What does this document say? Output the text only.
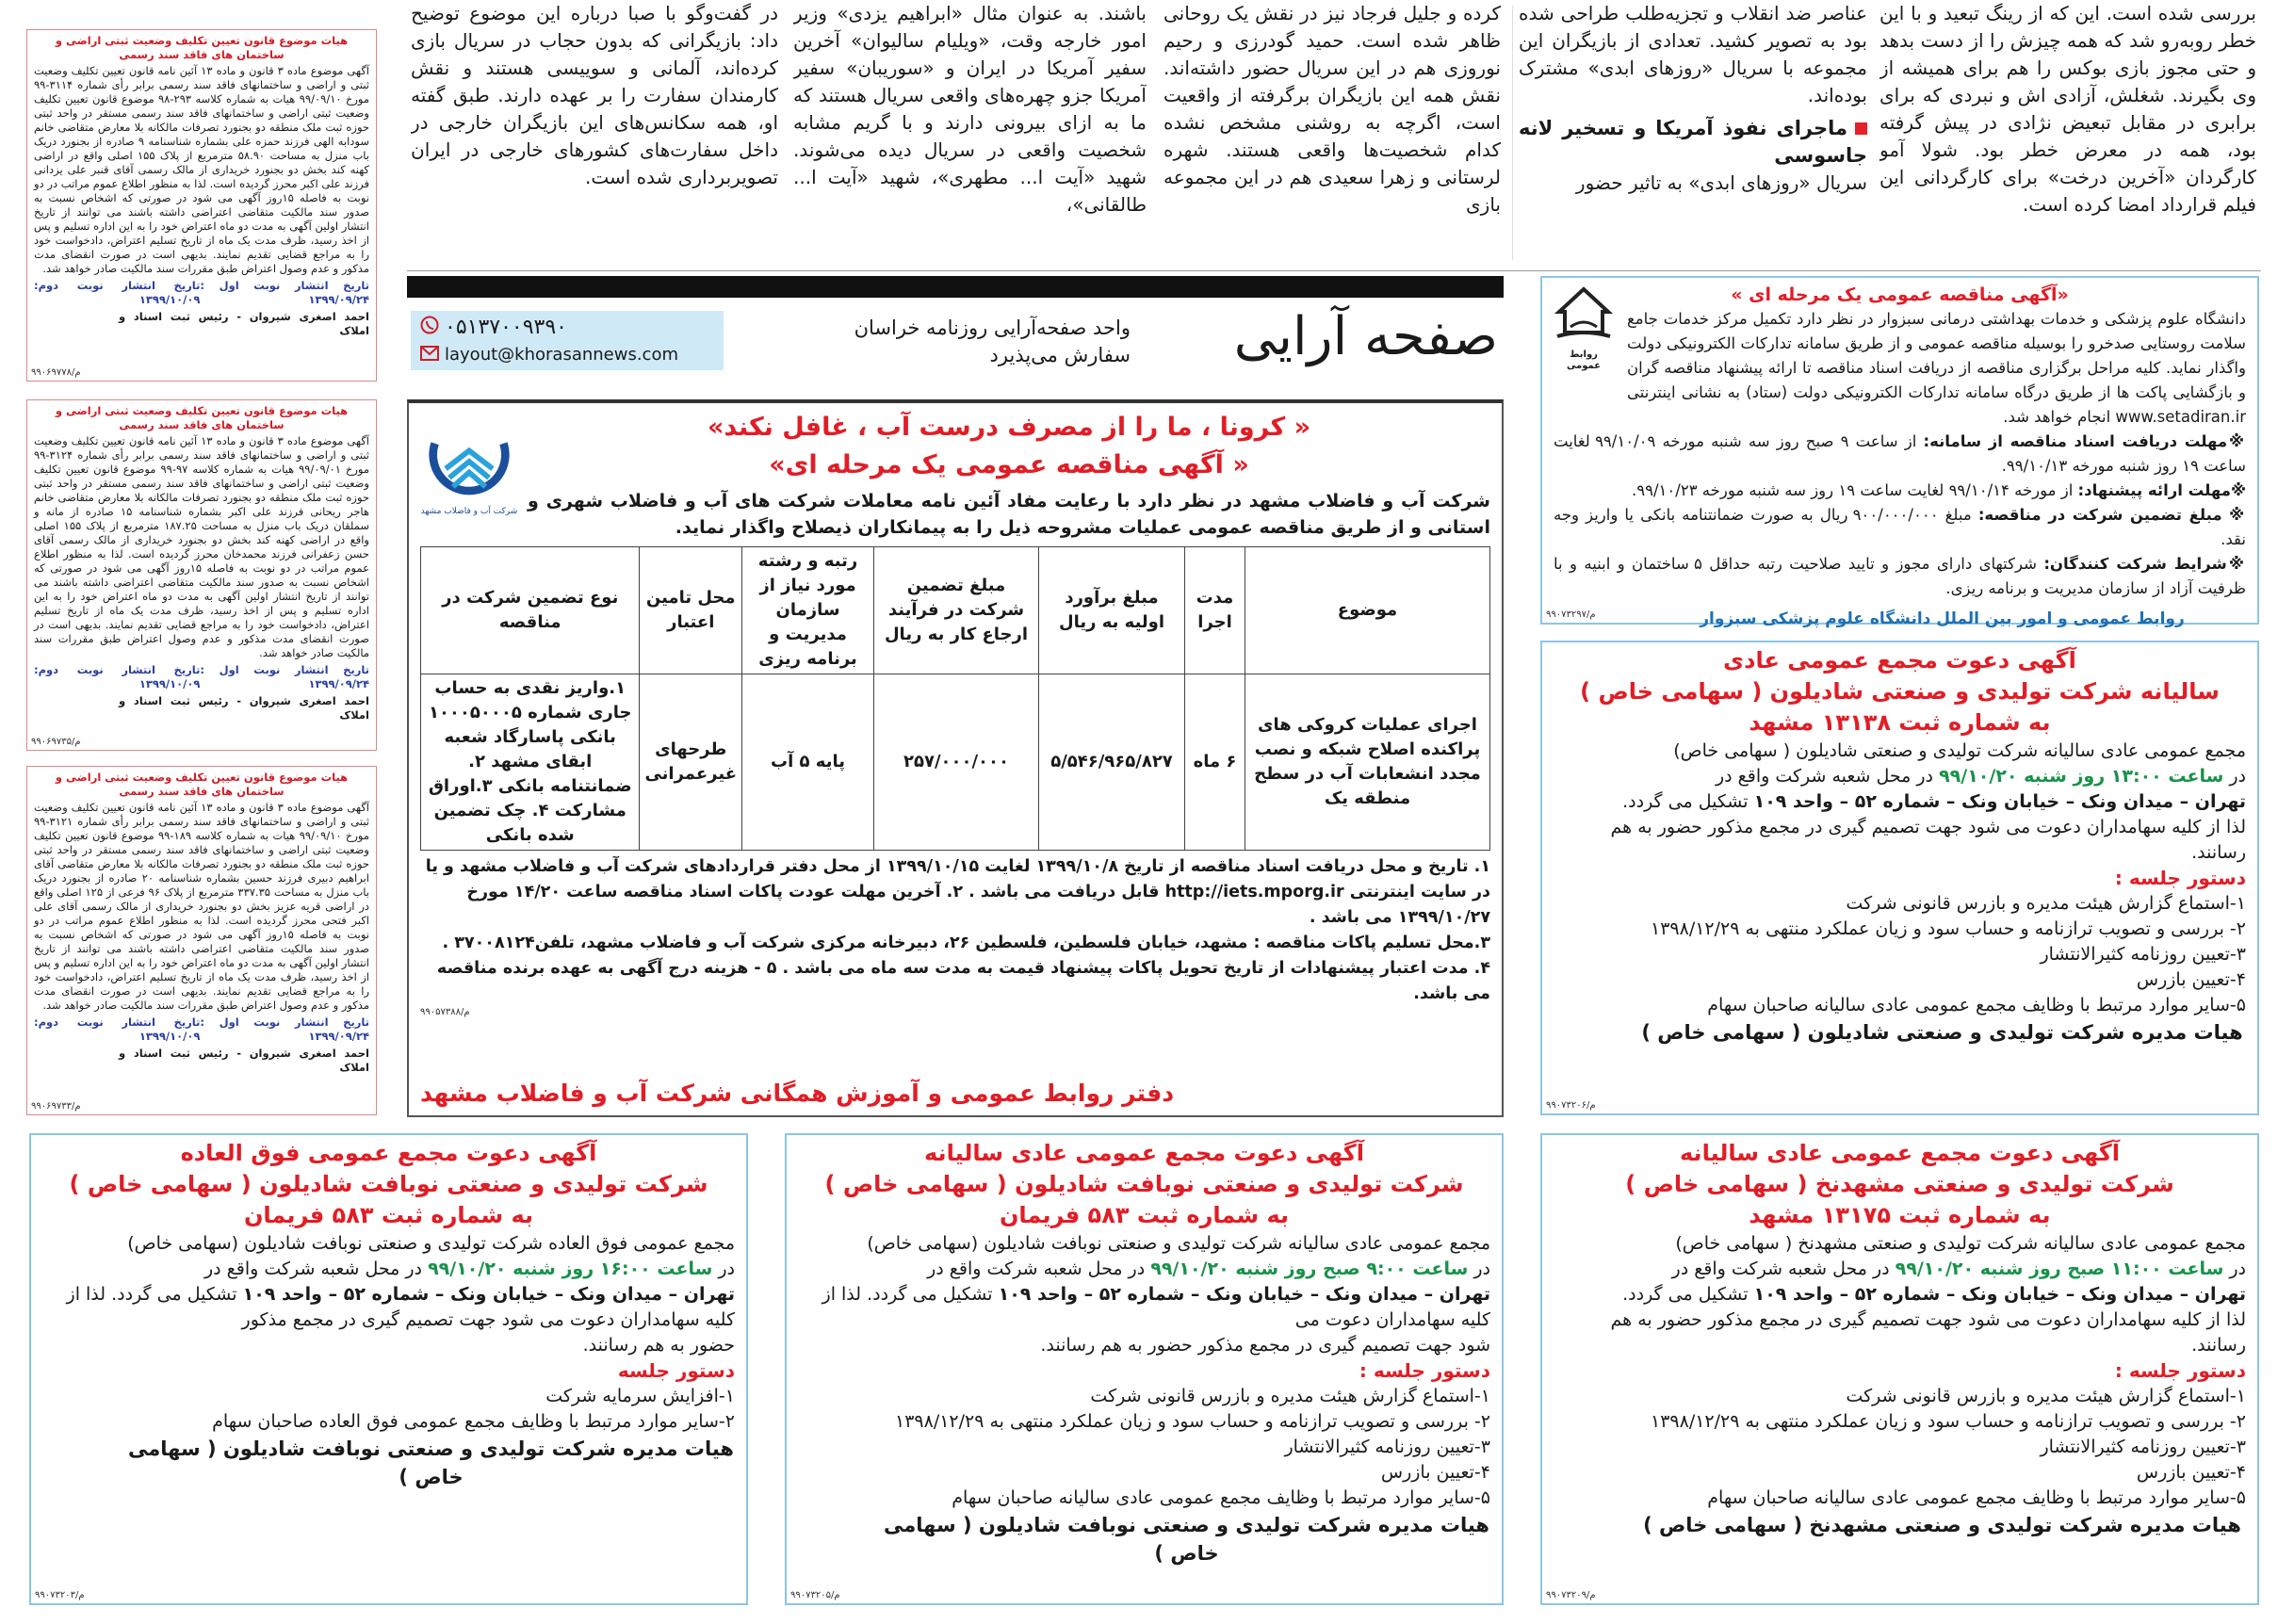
بررسی شده است. این که از رینگ تبعید و با این خطر روبه‌رو شد که همه چیزش را از دست بدهد و حتی مجوز بازی بوکس را هم برای همیشه از وی بگیرند. شغلش، آزادی اش و نبردی که برای برابری در مقابل تبعیض نژادی در پیش گرفته بود، همه در معرض خطر بود. شولا آمو کارگردان «آخرین درخت» برای کارگردانی این فیلم قرارداد امضا کرده است.

عناصر ضد انقلاب و تجزیه‌طلب طراحی شده بود به تصویر کشید. تعدادی از بازیگران این مجموعه با سریال «روزهای ابدی» مشترک بوده‌اند.

ماجرای نفوذ آمریکا و تسخیر لانه جاسوسی

سریال «روزهای ابدی» به تاثیر حضور

کرده و جلیل فرجاد نیز در نقش یک روحانی ظاهر شده است. حمید گودرزی و رحیم نوروزی هم در این سریال حضور داشته‌اند. نقش همه این بازیگران برگرفته از واقعیت است، اگرچه به روشنی مشخص نشده کدام شخصیت‌ها واقعی هستند. شهره لرستانی و زهرا سعیدی هم در این مجموعه بازی

باشند. به عنوان مثال «ابراهیم یزدی» وزیر امور خارجه وقت، «ویلیام سالیوان» آخرین سفیر آمریکا در ایران و «سوریبان» سفیر آمریکا جزو چهره‌های واقعی سریال هستند که ما به ازای بیرونی دارند و با گریم مشابه شخصیت واقعی در سریال دیده می‌شوند. شهید «آیت ا... مطهری»، شهید «آیت ا... طالقانی»،

در گفت‌وگو با صبا درباره این موضوع توضیح داد: بازیگرانی که بدون حجاب در سریال بازی کرده‌اند، آلمانی و سوییسی هستند و نقش کارمندان سفارت را بر عهده دارند. طبق گفته او، همه سکانس‌های این بازیگران خارجی در داخل سفارت‌های کشورهای خارجی در ایران تصویربرداری شده است.

هیات موضوع قانون تعیین تکلیف وضعیت ثبتی اراضی و ساختمان های فاقد سند رسمی
آگهی موضوع ماده ۳ قانون و ماده ۱۳ آئین نامه قانون تعیین تکلیف وضعیت ثبتی و اراضی و ساختمانهای فاقد سند رسمی برابر رأی شماره ۳۱۱۴-۹۹ مورخ ۹۹/۰۹/۱۰ هیات به شماره کلاسه ۲۹۳-۹۸ موضوع قانون تعیین تکلیف وضعیت ثبتی اراضی و ساختمانهای فاقد سند رسمی مستقر در واحد ثبتی حوزه ثبت ملک منطقه دو بجنورد تصرفات مالکانه بلا معارض متقاضی خانم سودابه الهی فرزند حمزه علی بشماره شناسنامه ۹ صادره از بجنورد دریک باب منزل به مساحت ۵۸.۹۰ مترمربع از پلاک ۱۵۵ اصلی واقع در اراضی کهنه کند بخش دو بجنورد خریداری از مالک رسمی آقای قنبر علی یزدانی فرزند علی اکبر محرز گردیده است. لذا به منظور اطلاع عموم مراتب در دو نوبت به فاصله ۱۵روز آگهی می شود در صورتی که اشخاص نسبت به صدور سند مالکیت متقاضی اعتراضی داشته باشند می توانند از تاریخ انتشار اولین آگهی به مدت دو ماه اعتراض خود را به این اداره تسلیم و پس از اخذ رسید، ظرف مدت یک ماه از تاریخ تسلیم اعتراض، دادخواست خود را به مراجع قضایی تقدیم نمایند. بدیهی است در صورت انقضای مدت مذکور و عدم وصول اعتراض طبق مقررات سند مالکیت صادر خواهد شد.
تاریخ انتشار نوبت اول : ۱۳۹۹/۰۹/۲۴
تاریخ انتشار نوبت دوم: ۱۳۹۹/۱۰/۰۹
احمد اصغری شیروان - رئیس ثبت اسناد و املاک
۹۹۰۶۹۷۷۸/م
هیات موضوع قانون تعیین تکلیف وضعیت ثبتی اراضی و ساختمان های فاقد سند رسمی
آگهی موضوع ماده ۳ قانون و ماده ۱۳ آئین نامه قانون تعیین تکلیف وضعیت ثبتی و اراضی و ساختمانهای فاقد سند رسمی برابر رأی شماره ۳۱۲۴-۹۹ مورخ ۹۹/۰۹/۰۱ هیات به شماره کلاسه ۹۷-۹۹ موضوع قانون تعیین تکلیف وضعیت ثبتی اراضی و ساختمانهای فاقد سند رسمی مستقر در واحد ثبتی حوزه ثبت ملک منطقه دو بجنورد تصرفات مالکانه بلا معارض متقاضی خانم هاجر ریحانی فرزند علی اکبر بشماره شناسنامه ۱۵ صادره از مانه و سملقان دریک باب منزل به مساحت ۱۸۷.۲۵ مترمربع از پلاک ۱۵۵ اصلی واقع در اراضی کهنه کند بخش دو بجنورد خریداری از مالک رسمی آقای حسن زعفرانی فرزند محمدخان محرز گردیده است. لذا به منظور اطلاع عموم مراتب در دو نوبت به فاصله ۱۵روز آگهی می شود در صورتی که اشخاص نسبت به صدور سند مالکیت متقاضی اعتراضی داشته باشند می توانند از تاریخ انتشار اولین آگهی به مدت دو ماه اعتراض خود را به این اداره تسلیم و پس از اخذ رسید، ظرف مدت یک ماه از تاریخ تسلیم اعتراض، دادخواست خود را به مراجع قضایی تقدیم نمایند. بدیهی است در صورت انقضای مدت مذکور و عدم وصول اعتراض طبق مقررات سند مالکیت صادر خواهد شد.
تاریخ انتشار نوبت اول : ۱۳۹۹/۰۹/۲۴
تاریخ انتشار نوبت دوم: ۱۳۹۹/۱۰/۰۹
احمد اصغری شیروان - رئیس ثبت اسناد و املاک
۹۹۰۶۹۷۳۵/م
هیات موضوع قانون تعیین تکلیف وضعیت ثبتی اراضی و ساختمان های فاقد سند رسمی
آگهی موضوع ماده ۳ قانون و ماده ۱۳ آئین نامه قانون تعیین تکلیف وضعیت ثبتی و اراضی و ساختمانهای فاقد سند رسمی برابر رأی شماره ۳۱۲۱-۹۹ مورخ ۹۹/۰۹/۱۰ هیات به شماره کلاسه ۱۸۹-۹۹ موضوع قانون تعیین تکلیف وضعیت ثبتی اراضی و ساختمانهای فاقد سند رسمی مستقر در واحد ثبتی حوزه ثبت ملک منطقه دو بجنورد تصرفات مالکانه بلا معارض متقاضی آقای ابراهیم دبیری فرزند حسین بشماره شناسنامه ۲۰ صادره از بجنورد دریک باب منزل به مساحت ۳۳۷.۳۵ مترمربع از پلاک ۹۶ فرعی از ۱۲۵ اصلی واقع در اراضی قریه عزیز بخش دو بجنورد خریداری از مالک رسمی آقای علی اکبر فتحی محرز گردیده است. لذا به منظور اطلاع عموم مراتب در دو نوبت به فاصله ۱۵روز آگهی می شود در صورتی که اشخاص نسبت به صدور سند مالکیت متقاضی اعتراضی داشته باشند می توانند از تاریخ انتشار اولین آگهی به مدت دو ماه اعتراض خود را به این اداره تسلیم و پس از اخذ رسید، ظرف مدت یک ماه از تاریخ تسلیم اعتراض، دادخواست خود را به مراجع قضایی تقدیم نمایند. بدیهی است در صورت انقضای مدت مذکور و عدم وصول اعتراض طبق مقررات سند مالکیت صادر خواهد شد.
تاریخ انتشار نوبت اول : ۱۳۹۹/۰۹/۲۴
تاریخ انتشار نوبت دوم: ۱۳۹۹/۱۰/۰۹
احمد اصغری شیروان - رئیس ثبت اسناد و املاک
۹۹۰۶۹۷۳۳/م
صفحه آرایی
واحد صفحه‌آرایی روزنامه خراسان
سفارش می‌پذیرد
۰۵۱۳۷۰۰۹۳۹۰
layout@khorasannews.com
« کرونا ، ما را از مصرف درست آب ، غافل نکند»
« آگهی مناقصه عمومی یک مرحله ای»
شرکت آب و فاضلاب مشهد در نظر دارد با رعایت مفاد آئین نامه معاملات شرکت های آب و فاضلاب شهری و استانی و از طریق مناقصه عمومی عملیات مشروحه ذیل را به پیمانکاران ذیصلاح واگذار نماید.
شرکت آب و فاضلاب مشهد
موضوع	مدت اجرا	مبلغ برآورد اولیه به ریال	مبلغ تضمین شرکت در فرآیند ارجاع کار به ریال	رتبه و رشته مورد نیاز از سازمان مدیریت و برنامه ریزی	محل تامین اعتبار	نوع تضمین شرکت در مناقصه
اجرای عملیات کروکی های پراکنده اصلاح شبکه و نصب مجدد انشعابات آب در سطح منطقه یک	۶ ماه	۵/۵۴۶/۹۶۵/۸۲۷	۲۵۷/۰۰۰/۰۰۰	پایه ۵ آب	طرحهای غیرعمرانی	۱.واریز نقدی به حساب جاری شماره ۱۰۰۰۵۰۰۰۵ بانکی پاسارگاد شعبه ابقای مشهد ۲. ضمانتنامه بانکی ۳.اوراق مشارکت ۴. چک تضمین شده بانکی
۱. تاریخ و محل دریافت اسناد مناقصه از تاریخ ۱۳۹۹/۱۰/۸ لغایت ۱۳۹۹/۱۰/۱۵ از محل دفتر قراردادهای شرکت آب و فاضلاب مشهد و یا در سایت اینترنتی http://iets.mporg.ir قابل دریافت می باشد . ۲. آخرین مهلت عودت پاکات اسناد مناقصه ساعت ۱۴/۲۰ مورخ ۱۳۹۹/۱۰/۲۷ می باشد .
۳.محل تسلیم پاکات مناقصه : مشهد، خیابان فلسطین، فلسطین ۲۶، دبیرخانه مرکزی شرکت آب و فاضلاب مشهد، تلفن۳۷۰۰۸۱۲۴ .
۴. مدت اعتبار پیشنهادات از تاریخ تحویل پاکات پیشنهاد قیمت به مدت سه ماه می باشد . ۵ - هزینه درج آگهی به عهده برنده مناقصه می باشد.
۹۹۰۵۷۳۸۸/م
دفتر روابط عمومی و آموزش همگانی شرکت آب و فاضلاب مشهد
روابط عمومی
«آگهی مناقصه عمومی یک مرحله ای »
دانشگاه علوم پزشکی و خدمات بهداشتی درمانی سبزوار در نظر دارد تکمیل مرکز خدمات جامع سلامت روستایی صدخرو را بوسیله مناقصه عمومی و از طریق سامانه تدارکات الکترونیکی دولت واگذار نماید. کلیه مراحل برگزاری مناقصه از دریافت اسناد مناقصه تا ارائه پیشنهاد مناقصه گران و بازگشایی پاکت ها از طریق درگاه سامانه تدارکات الکترونیکی دولت (ستاد) به نشانی اینترنتی www.setadiran.ir انجام خواهد شد.
※مهلت دریافت اسناد مناقصه از سامانه: از ساعت ۹ صبح روز سه شنبه مورخه ۹۹/۱۰/۰۹ لغایت ساعت ۱۹ روز شنبه مورخه ۹۹/۱۰/۱۳.
※مهلت ارائه پیشنهاد: از مورخه ۹۹/۱۰/۱۴ لغایت ساعت ۱۹ روز سه شنبه مورخه ۹۹/۱۰/۲۳.
※ مبلغ تضمین شرکت در مناقصه: مبلغ ۹۰۰/۰۰۰/۰۰۰ ریال به صورت ضمانتنامه بانکی یا واریز وجه نقد.
※شرایط شرکت کنندگان: شرکتهای دارای مجوز و تایید صلاحیت رتبه حداقل ۵ ساختمان و ابنیه و با ظرفیت آزاد از سازمان مدیریت و برنامه ریزی.
روابط عمومی و امور بین الملل دانشگاه علوم پزشکی سبزوار
۹۹۰۷۳۲۹۷/م
آگهی دعوت مجمع عمومی عادی
سالیانه شرکت تولیدی و صنعتی شادیلون ( سهامی خاص )
به شماره ثبت ۱۳۱۳۸ مشهد
مجمع عمومی عادی سالیانه شرکت تولیدی و صنعتی شادیلون ( سهامی خاص)
در ساعت ۱۳:۰۰ روز شنبه ۹۹/۱۰/۲۰ در محل شعبه شرکت واقع در
تهران – میدان ونک – خیابان ونک – شماره ۵۲ – واحد ۱۰۹ تشکیل می گردد.
لذا از کلیه سهامداران دعوت می شود جهت تصمیم گیری در مجمع مذکور حضور به هم رسانند.
دستور جلسه :
۱-استماع گزارش هیئت مدیره و بازرس قانونی شرکت
۲- بررسی و تصویب ترازنامه و حساب سود و زیان عملکرد منتهی به ۱۳۹۸/۱۲/۲۹
۳-تعیین روزنامه کثیرالانتشار
۴-تعیین بازرس
۵-سایر موارد مرتبط با وظایف مجمع عمومی عادی سالیانه صاحبان سهام
هیات مدیره شرکت تولیدی و صنعتی شادیلون ( سهامی خاص )
۹۹۰۷۳۲۰۶/م
آگهی دعوت مجمع عمومی عادی سالیانه
شرکت تولیدی و صنعتی مشهدنخ ( سهامی خاص )
به شماره ثبت ۱۳۱۷۵ مشهد
مجمع عمومی عادی سالیانه شرکت تولیدی و صنعتی مشهدنخ ( سهامی خاص)
در ساعت ۱۱:۰۰ صبح روز شنبه ۹۹/۱۰/۲۰ در محل شعبه شرکت واقع در
تهران – میدان ونک – خیابان ونک – شماره ۵۲ – واحد ۱۰۹ تشکیل می گردد.
لذا از کلیه سهامداران دعوت می شود جهت تصمیم گیری در مجمع مذکور حضور به هم رسانند.
دستور جلسه :
۱-استماع گزارش هیئت مدیره و بازرس قانونی شرکت
۲- بررسی و تصویب ترازنامه و حساب سود و زیان عملکرد منتهی به ۱۳۹۸/۱۲/۲۹
۳-تعیین روزنامه کثیرالانتشار
۴-تعیین بازرس
۵-سایر موارد مرتبط با وظایف مجمع عمومی عادی سالیانه صاحبان سهام
هیات مدیره شرکت تولیدی و صنعتی مشهدنخ ( سهامی خاص )
۹۹۰۷۳۲۰۹/م
آگهی دعوت مجمع عمومی عادی سالیانه
شرکت تولیدی و صنعتی نوبافت شادیلون ( سهامی خاص )
به شماره ثبت ۵۸۳ فریمان
مجمع عمومی عادی سالیانه شرکت تولیدی و صنعتی نوبافت شادیلون (سهامی خاص)
در ساعت ۹:۰۰ صبح روز شنبه ۹۹/۱۰/۲۰ در محل شعبه شرکت واقع در
تهران – میدان ونک – خیابان ونک – شماره ۵۲ – واحد ۱۰۹ تشکیل می گردد. لذا از کلیه سهامداران دعوت می
شود جهت تصمیم گیری در مجمع مذکور حضور به هم رسانند.
دستور جلسه :
۱-استماع گزارش هیئت مدیره و بازرس قانونی شرکت
۲- بررسی و تصویب ترازنامه و حساب سود و زیان عملکرد منتهی به ۱۳۹۸/۱۲/۲۹
۳-تعیین روزنامه کثیرالانتشار
۴-تعیین بازرس
۵-سایر موارد مرتبط با وظایف مجمع عمومی عادی سالیانه صاحبان سهام
هیات مدیره شرکت تولیدی و صنعتی نوبافت شادیلون ( سهامی خاص )
۹۹۰۷۳۲۰۵/م
آگهی دعوت مجمع عمومی فوق العاده
شرکت تولیدی و صنعتی نوبافت شادیلون ( سهامی خاص )
به شماره ثبت ۵۸۳ فریمان
مجمع عمومی فوق العاده شرکت تولیدی و صنعتی نوبافت شادیلون (سهامی خاص)
در ساعت ۱۶:۰۰ روز شنبه ۹۹/۱۰/۲۰ در محل شعبه شرکت واقع در
تهران – میدان ونک – خیابان ونک – شماره ۵۲ – واحد ۱۰۹ تشکیل می گردد. لذا از کلیه سهامداران دعوت می شود جهت تصمیم گیری در مجمع مذکور
حضور به هم رسانند.
دستور جلسه
۱-افزایش سرمایه شرکت
۲-سایر موارد مرتبط با وظایف مجمع عمومی فوق العاده صاحبان سهام
هیات مدیره شرکت تولیدی و صنعتی نوبافت شادیلون ( سهامی خاص )
۹۹۰۷۳۲۰۳/م
